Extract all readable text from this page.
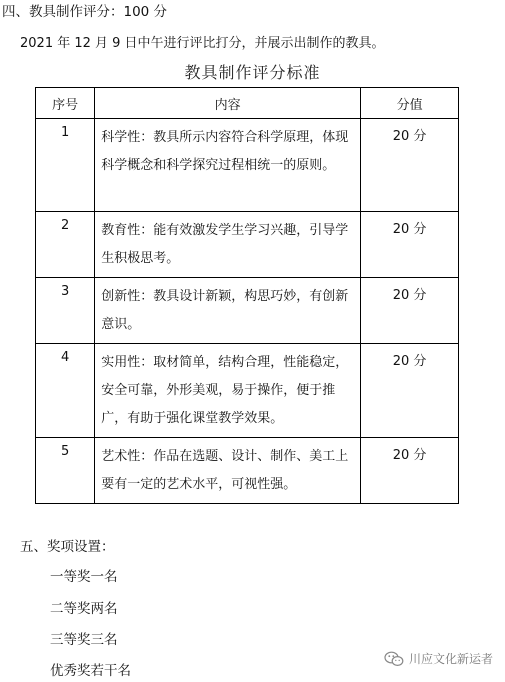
四、教具制作评分：100 分
2021 年 12 月 9 日中午进行评比打分，并展示出制作的教具。
教具制作评分标准
序号	内容	分值
1	科学性：教具所示内容符合科学原理，体现科学概念和科学探究过程相统一的原则。	20 分
2	教育性：能有效激发学生学习兴趣，引导学生积极思考。	20 分
3	创新性：教具设计新颖，构思巧妙，有创新意识。	20 分
4	实用性：取材简单，结构合理，性能稳定，安全可靠，外形美观，易于操作，便于推广，有助于强化课堂教学效果。	20 分
5	艺术性：作品在选题、设计、制作、美工上要有一定的艺术水平，可视性强。	20 分
五、奖项设置：
一等奖一名
二等奖两名
三等奖三名
优秀奖若干名
川应文化新运者
